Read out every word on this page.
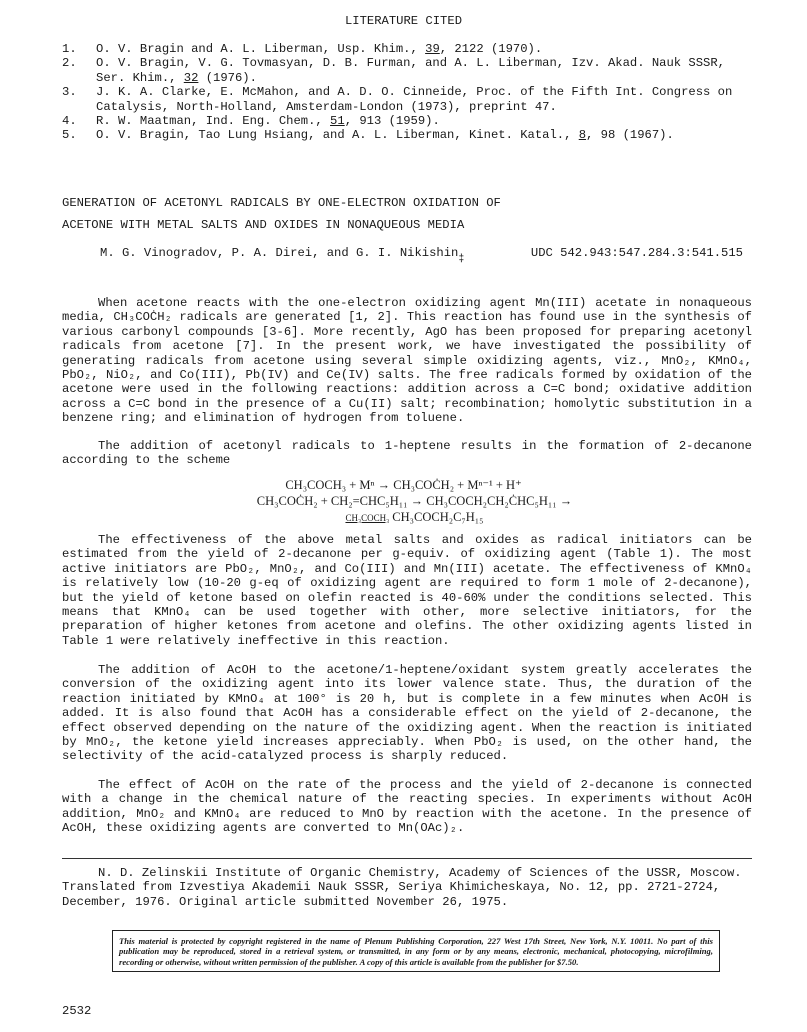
LITERATURE CITED
1.	O. V. Bragin and A. L. Liberman, Usp. Khim., 39, 2122 (1970).
2.	O. V. Bragin, V. G. Tovmasyan, D. B. Furman, and A. L. Liberman, Izv. Akad. Nauk SSSR,
Ser. Khim., 32 (1976).
3.	J. K. A. Clarke, E. McMahon, and A. D. O. Cinneide, Proc. of the Fifth Int. Congress on
Catalysis, North-Holland, Amsterdam-London (1973), preprint 47.
4.	R. W. Maatman, Ind. Eng. Chem., 51, 913 (1959).
5.	O. V. Bragin, Tao Lung Hsiang, and A. L. Liberman, Kinet. Katal., 8, 98 (1967).
GENERATION OF ACETONYL RADICALS BY ONE-ELECTRON OXIDATION OF
ACETONE WITH METAL SALTS AND OXIDES IN NONAQUEOUS MEDIA
M. G. Vinogradov, P. A. Direi, and G. I. Nikishin$_\ddagger$	UDC 542.943:547.284.3:541.515

When acetone reacts with the one-electron oxidizing agent Mn(III) acetate in nonaqueous media, CH₃COĊH₂ radicals are generated [1, 2]. This reaction has found use in the synthesis of various carbonyl compounds [3-6]. More recently, AgO has been proposed for preparing acetonyl radicals from acetone [7]. In the present work, we have investigated the possibility of generating radicals from acetone using several simple oxidizing agents, viz., MnO₂, KMnO₄, PbO₂, NiO₂, and Co(III), Pb(IV) and Ce(IV) salts. The free radicals formed by oxidation of the acetone were used in the following reactions: addition across a C=C bond; oxidative addition across a C=C bond in the presence of a Cu(II) salt; recombination; homolytic substitution in a benzene ring; and elimination of hydrogen from toluene.

The addition of acetonyl radicals to 1-heptene results in the formation of 2-decanone according to the scheme

CH₃COCH₃ + Mⁿ → CH₃COĊH₂ + Mⁿ⁻¹ + H⁺
CH₃COĊH₂ + CH₂=CHC₅H₁₁ → CH₃COCH₂CH₂ĊHC₅H₁₁ →
CH₃COCH₃ CH₃COCH₂C₇H₁₅

The effectiveness of the above metal salts and oxides as radical initiators can be estimated from the yield of 2-decanone per g-equiv. of oxidizing agent (Table 1). The most active initiators are PbO₂, MnO₂, and Co(III) and Mn(III) acetate. The effectiveness of KMnO₄ is relatively low (10-20 g-eq of oxidizing agent are required to form 1 mole of 2-decanone), but the yield of ketone based on olefin reacted is 40-60% under the conditions selected. This means that KMnO₄ can be used together with other, more selective initiators, for the preparation of higher ketones from acetone and olefins. The other oxidizing agents listed in Table 1 were relatively ineffective in this reaction.

The addition of AcOH to the acetone/1-heptene/oxidant system greatly accelerates the conversion of the oxidizing agent into its lower valence state. Thus, the duration of the reaction initiated by KMnO₄ at 100° is 20 h, but is complete in a few minutes when AcOH is added. It is also found that AcOH has a considerable effect on the yield of 2-decanone, the effect observed depending on the nature of the oxidizing agent. When the reaction is initiated by MnO₂, the ketone yield increases appreciably. When PbO₂ is used, on the other hand, the selectivity of the acid-catalyzed process is sharply reduced.

The effect of AcOH on the rate of the process and the yield of 2-decanone is connected with a change in the chemical nature of the reacting species. In experiments without AcOH addition, MnO₂ and KMnO₄ are reduced to MnO by reaction with the acetone. In the presence of AcOH, these oxidizing agents are converted to Mn(OAc)₂.

N. D. Zelinskii Institute of Organic Chemistry, Academy of Sciences of the USSR, Moscow. Translated from Izvestiya Akademii Nauk SSSR, Seriya Khimicheskaya, No. 12, pp. 2721-2724, December, 1976. Original article submitted November 26, 1975.

This material is protected by copyright registered in the name of Plenum Publishing Corporation, 227 West 17th Street, New York, N.Y. 10011. No part of this publication may be reproduced, stored in a retrieval system, or transmitted, in any form or by any means, electronic, mechanical, photocopying, microfilming, recording or otherwise, without written permission of the publisher. A copy of this article is available from the publisher for $7.50.
2532
